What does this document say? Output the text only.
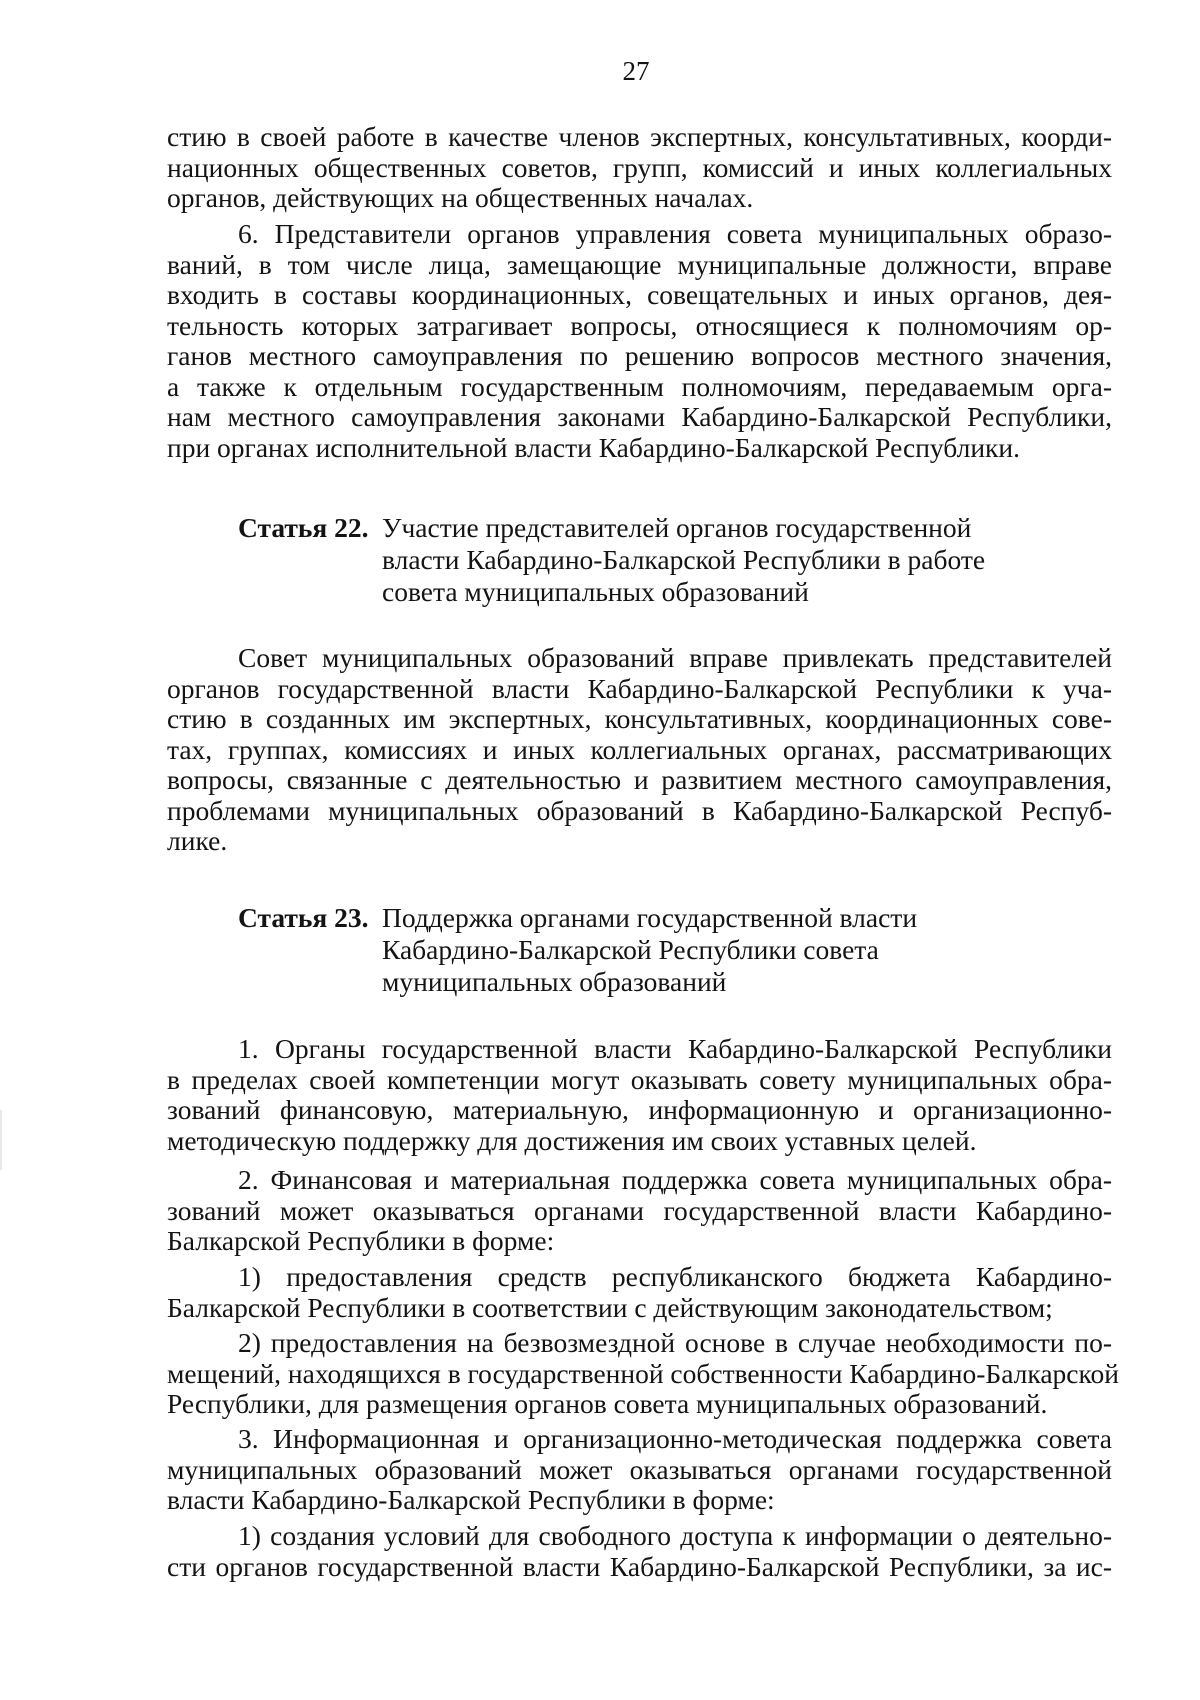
27
стию в своей работе в качестве членов экспертных, консультативных, коорди-
национных общественных советов, групп, комиссий и иных коллегиальных
органов, действующих на общественных началах.
6. Представители органов управления совета муниципальных образо-
ваний, в том числе лица, замещающие муниципальные должности, вправе
входить в составы координационных, совещательных и иных органов, дея-
тельность которых затрагивает вопросы, относящиеся к полномочиям ор-
ганов местного самоуправления по решению вопросов местного значения,
а также к отдельным государственным полномочиям, передаваемым орга-
нам местного самоуправления законами Кабардино-Балкарской Республики,
при органах исполнительной власти Кабардино-Балкарской Республики.
Статья 22. Участие представителей органов государственной
власти Кабардино-Балкарской Республики в работе
совета муниципальных образований
Совет муниципальных образований вправе привлекать представителей
органов государственной власти Кабардино-Балкарской Республики к уча-
стию в созданных им экспертных, консультативных, координационных сове-
тах, группах, комиссиях и иных коллегиальных органах, рассматривающих
вопросы, связанные с деятельностью и развитием местного самоуправления,
проблемами муниципальных образований в Кабардино-Балкарской Респуб-
лике.
Статья 23. Поддержка органами государственной власти
Кабардино-Балкарской Республики совета
муниципальных образований
1. Органы государственной власти Кабардино-Балкарской Республики
в пределах своей компетенции могут оказывать совету муниципальных обра-
зований финансовую, материальную, информационную и организационно-
методическую поддержку для достижения им своих уставных целей.
2. Финансовая и материальная поддержка совета муниципальных обра-
зований может оказываться органами государственной власти Кабардино-
Балкарской Республики в форме:
1) предоставления средств республиканского бюджета Кабардино-
Балкарской Республики в соответствии с действующим законодательством;
2) предоставления на безвозмездной основе в случае необходимости по-
мещений, находящихся в государственной собственности Кабардино-Балкарской
Республики, для размещения органов совета муниципальных образований.
3. Информационная и организационно-методическая поддержка совета
муниципальных образований может оказываться органами государственной
власти Кабардино-Балкарской Республики в форме:
1) создания условий для свободного доступа к информации о деятельно-
сти органов государственной власти Кабардино-Балкарской Республики, за ис-
